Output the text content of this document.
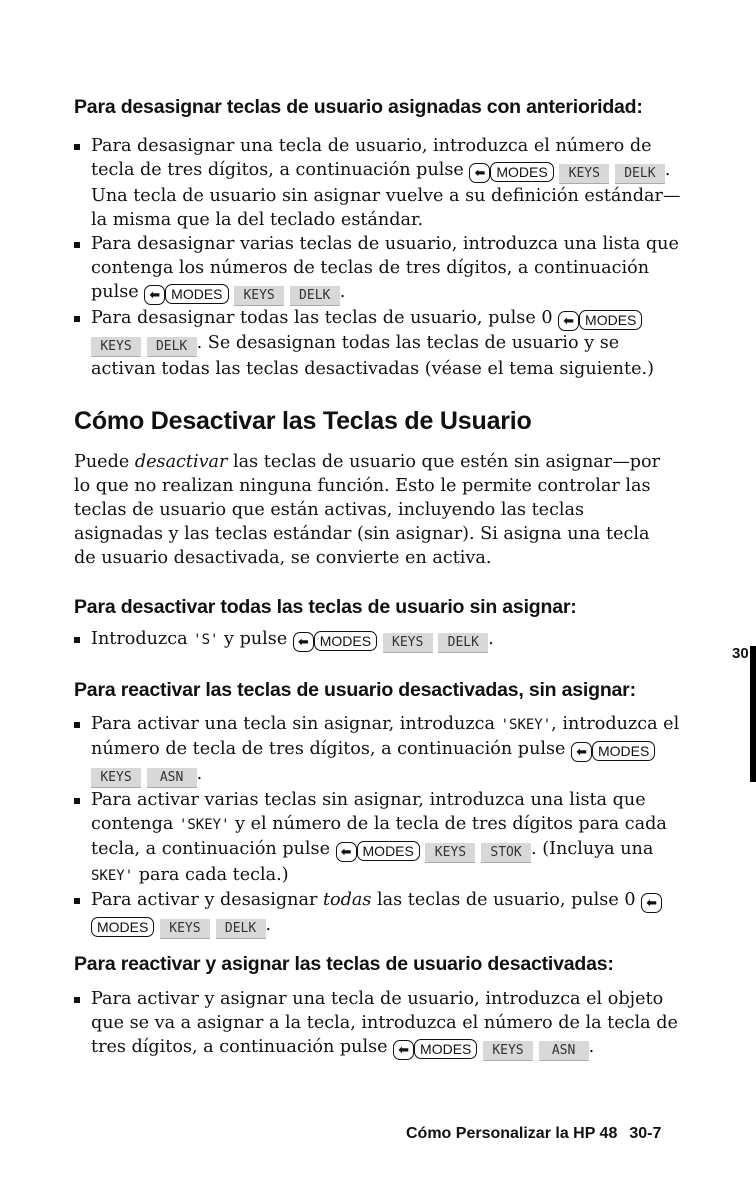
Para desasignar teclas de usuario asignadas con anterioridad:
Para desasignar una tecla de usuario, introduzca el número de tecla de tres dígitos, a continuación pulse ⬅ MODES KEYS DELK . Una tecla de usuario sin asignar vuelve a su definición estándar—la misma que la del teclado estándar.
Para desasignar varias teclas de usuario, introduzca una lista que contenga los números de teclas de tres dígitos, a continuación pulse ⬅ MODES KEYS DELK .
Para desasignar todas las teclas de usuario, pulse 0 ⬅ MODES KEYS DELK . Se desasignan todas las teclas de usuario y se activan todas las teclas desactivadas (véase el tema siguiente.)
Cómo Desactivar las Teclas de Usuario

Puede desactivar las teclas de usuario que estén sin asignar—por lo que no realizan ninguna función. Esto le permite controlar las teclas de usuario que están activas, incluyendo las teclas asignadas y las teclas estándar (sin asignar). Si asigna una tecla de usuario desactivada, se convierte en activa.

Para desactivar todas las teclas de usuario sin asignar:
Introduzca 'S' y pulse ⬅ MODES KEYS DELK .
Para reactivar las teclas de usuario desactivadas, sin asignar:
Para activar una tecla sin asignar, introduzca 'SKEY', introduzca el número de tecla de tres dígitos, a continuación pulse ⬅ MODES KEYS ASN .
Para activar varias teclas sin asignar, introduzca una lista que contenga 'SKEY' y el número de la tecla de tres dígitos para cada tecla, a continuación pulse ⬅ MODES KEYS STOK . (Incluya una SKEY' para cada tecla.)
Para activar y desasignar todas las teclas de usuario, pulse 0 ⬅MODES KEYS DELK .
Para reactivar y asignar las teclas de usuario desactivadas:
Para activar y asignar una tecla de usuario, introduzca el objeto que se va a asignar a la tecla, introduzca el número de la tecla de tres dígitos, a continuación pulse ⬅ MODES KEYS ASN .
30
Cómo Personalizar la HP 48 30-7
